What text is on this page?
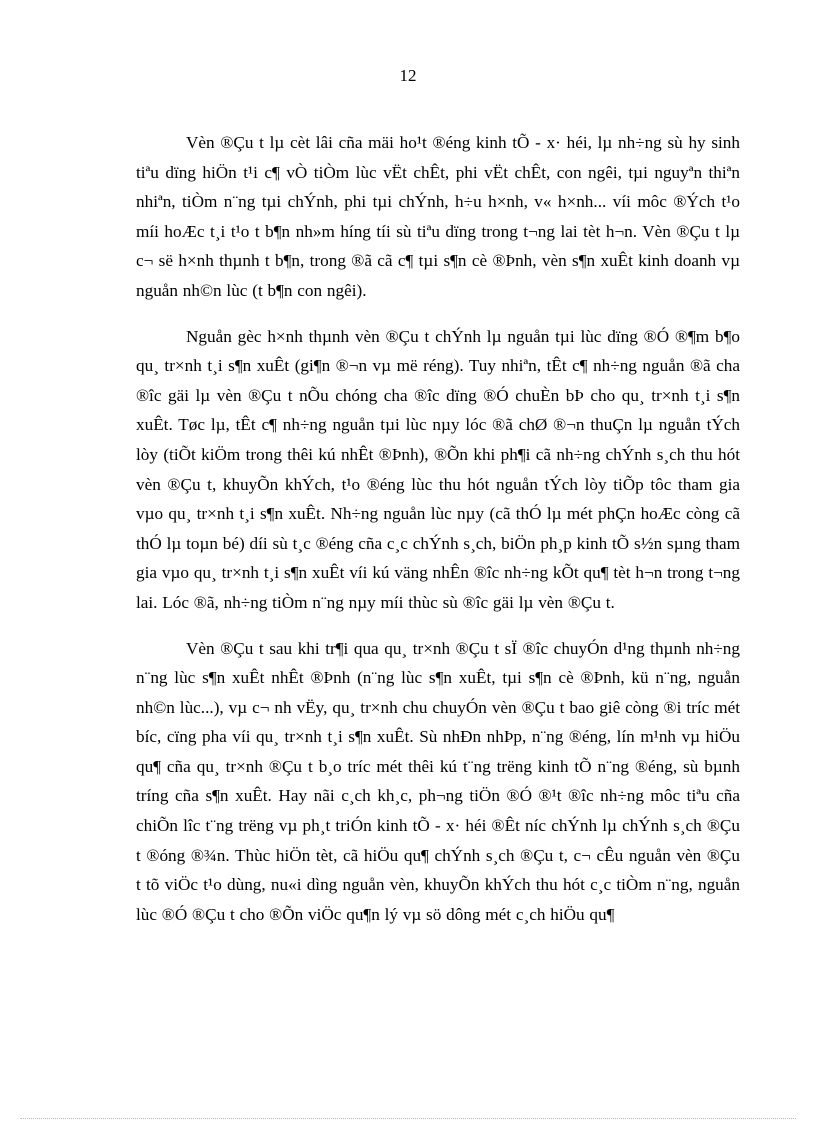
12

Vèn ®Çu t lµ cèt lâi cña mäi ho¹t ®éng kinh tÕ - x· héi, lµ nh÷ng sù hy sinh tiªu dïng hiÖn t¹i c¶ vÒ tiÒm lùc vËt chÊt, phi vËt chÊt, con ngêi, tµi nguyªn thiªn nhiªn, tiÒm n¨ng tµi chÝnh, phi tµi chÝnh, h÷u h×nh, v« h×nh... víi môc ®Ých t¹o míi hoÆc t¸i t¹o t b¶n nh»m híng tíi sù tiªu dïng trong t¬ng lai tèt h¬n. Vèn ®Çu t lµ c¬ së h×nh thµnh t b¶n, trong ®ã cã c¶ tµi s¶n cè ®Þnh, vèn s¶n xuÊt kinh doanh vµ nguån nh©n lùc (t b¶n con ngêi).

Nguån gèc h×nh thµnh vèn ®Çu t chÝnh lµ nguån tµi lùc dïng ®Ó ®¶m b¶o qu¸ tr×nh t¸i s¶n xuÊt (gi¶n ®¬n vµ më réng). Tuy nhiªn, tÊt c¶ nh÷ng nguån ®ã cha ®îc gäi lµ vèn ®Çu t nÕu chóng cha ®îc dïng ®Ó chuÈn bÞ cho qu¸ tr×nh t¸i s¶n xuÊt. Tøc lµ, tÊt c¶ nh÷ng nguån tµi lùc nµy lóc ®ã chØ ®¬n thuÇn lµ nguån tÝch lòy (tiÕt kiÖm trong thêi kú nhÊt ®Þnh), ®Õn khi ph¶i cã nh÷ng chÝnh s¸ch thu hót vèn ®Çu t, khuyÕn khÝch, t¹o ®éng lùc thu hót nguån tÝch lòy tiÕp tôc tham gia vµo qu¸ tr×nh t¸i s¶n xuÊt. Nh÷ng nguån lùc nµy (cã thÓ lµ mét phÇn hoÆc còng cã thÓ lµ toµn bé) díi sù t¸c ®éng cña c¸c chÝnh s¸ch, biÖn ph¸p kinh tÕ s½n sµng tham gia vµo qu¸ tr×nh t¸i s¶n xuÊt víi kú väng nhÊn ®îc nh÷ng kÕt qu¶ tèt h¬n trong t¬ng lai. Lóc ®ã, nh÷ng tiÒm n¨ng nµy míi thùc sù ®îc gäi lµ vèn ®Çu t.

Vèn ®Çu t sau khi tr¶i qua qu¸ tr×nh ®Çu t sÏ ®îc chuyÓn d¹ng thµnh nh÷ng n¨ng lùc s¶n xuÊt nhÊt ®Þnh (n¨ng lùc s¶n xuÊt, tµi s¶n cè ®Þnh, kü n¨ng, nguån nh©n lùc...), vµ c¬ nh vËy, qu¸ tr×nh chu chuyÓn vèn ®Çu t bao giê còng ®i tríc mét bíc, cïng pha víi qu¸ tr×nh t¸i s¶n xuÊt. Sù nhÐn nhÞp, n¨ng ®éng, lín m¹nh vµ hiÖu qu¶ cña qu¸ tr×nh ®Çu t b¸o tríc mét thêi kú t¨ng trëng kinh tÕ n¨ng ®éng, sù bµnh tríng cña s¶n xuÊt. Hay nãi c¸ch kh¸c, ph¬ng tiÖn ®Ó ®¹t ®îc nh÷ng môc tiªu cña chiÕn lîc t¨ng trëng vµ ph¸t triÓn kinh tÕ - x· héi ®Êt níc chÝnh lµ chÝnh s¸ch ®Çu t ®óng ®¾n. Thùc hiÖn tèt, cã hiÖu qu¶ chÝnh s¸ch ®Çu t, c¬ cÊu nguån vèn ®Çu t tõ viÖc t¹o dùng, nu«i dìng nguån vèn, khuyÕn khÝch thu hót c¸c tiÒm n¨ng, nguån lùc ®Ó ®Çu t cho ®Õn viÖc qu¶n lý vµ sö dông mét c¸ch hiÖu qu¶
